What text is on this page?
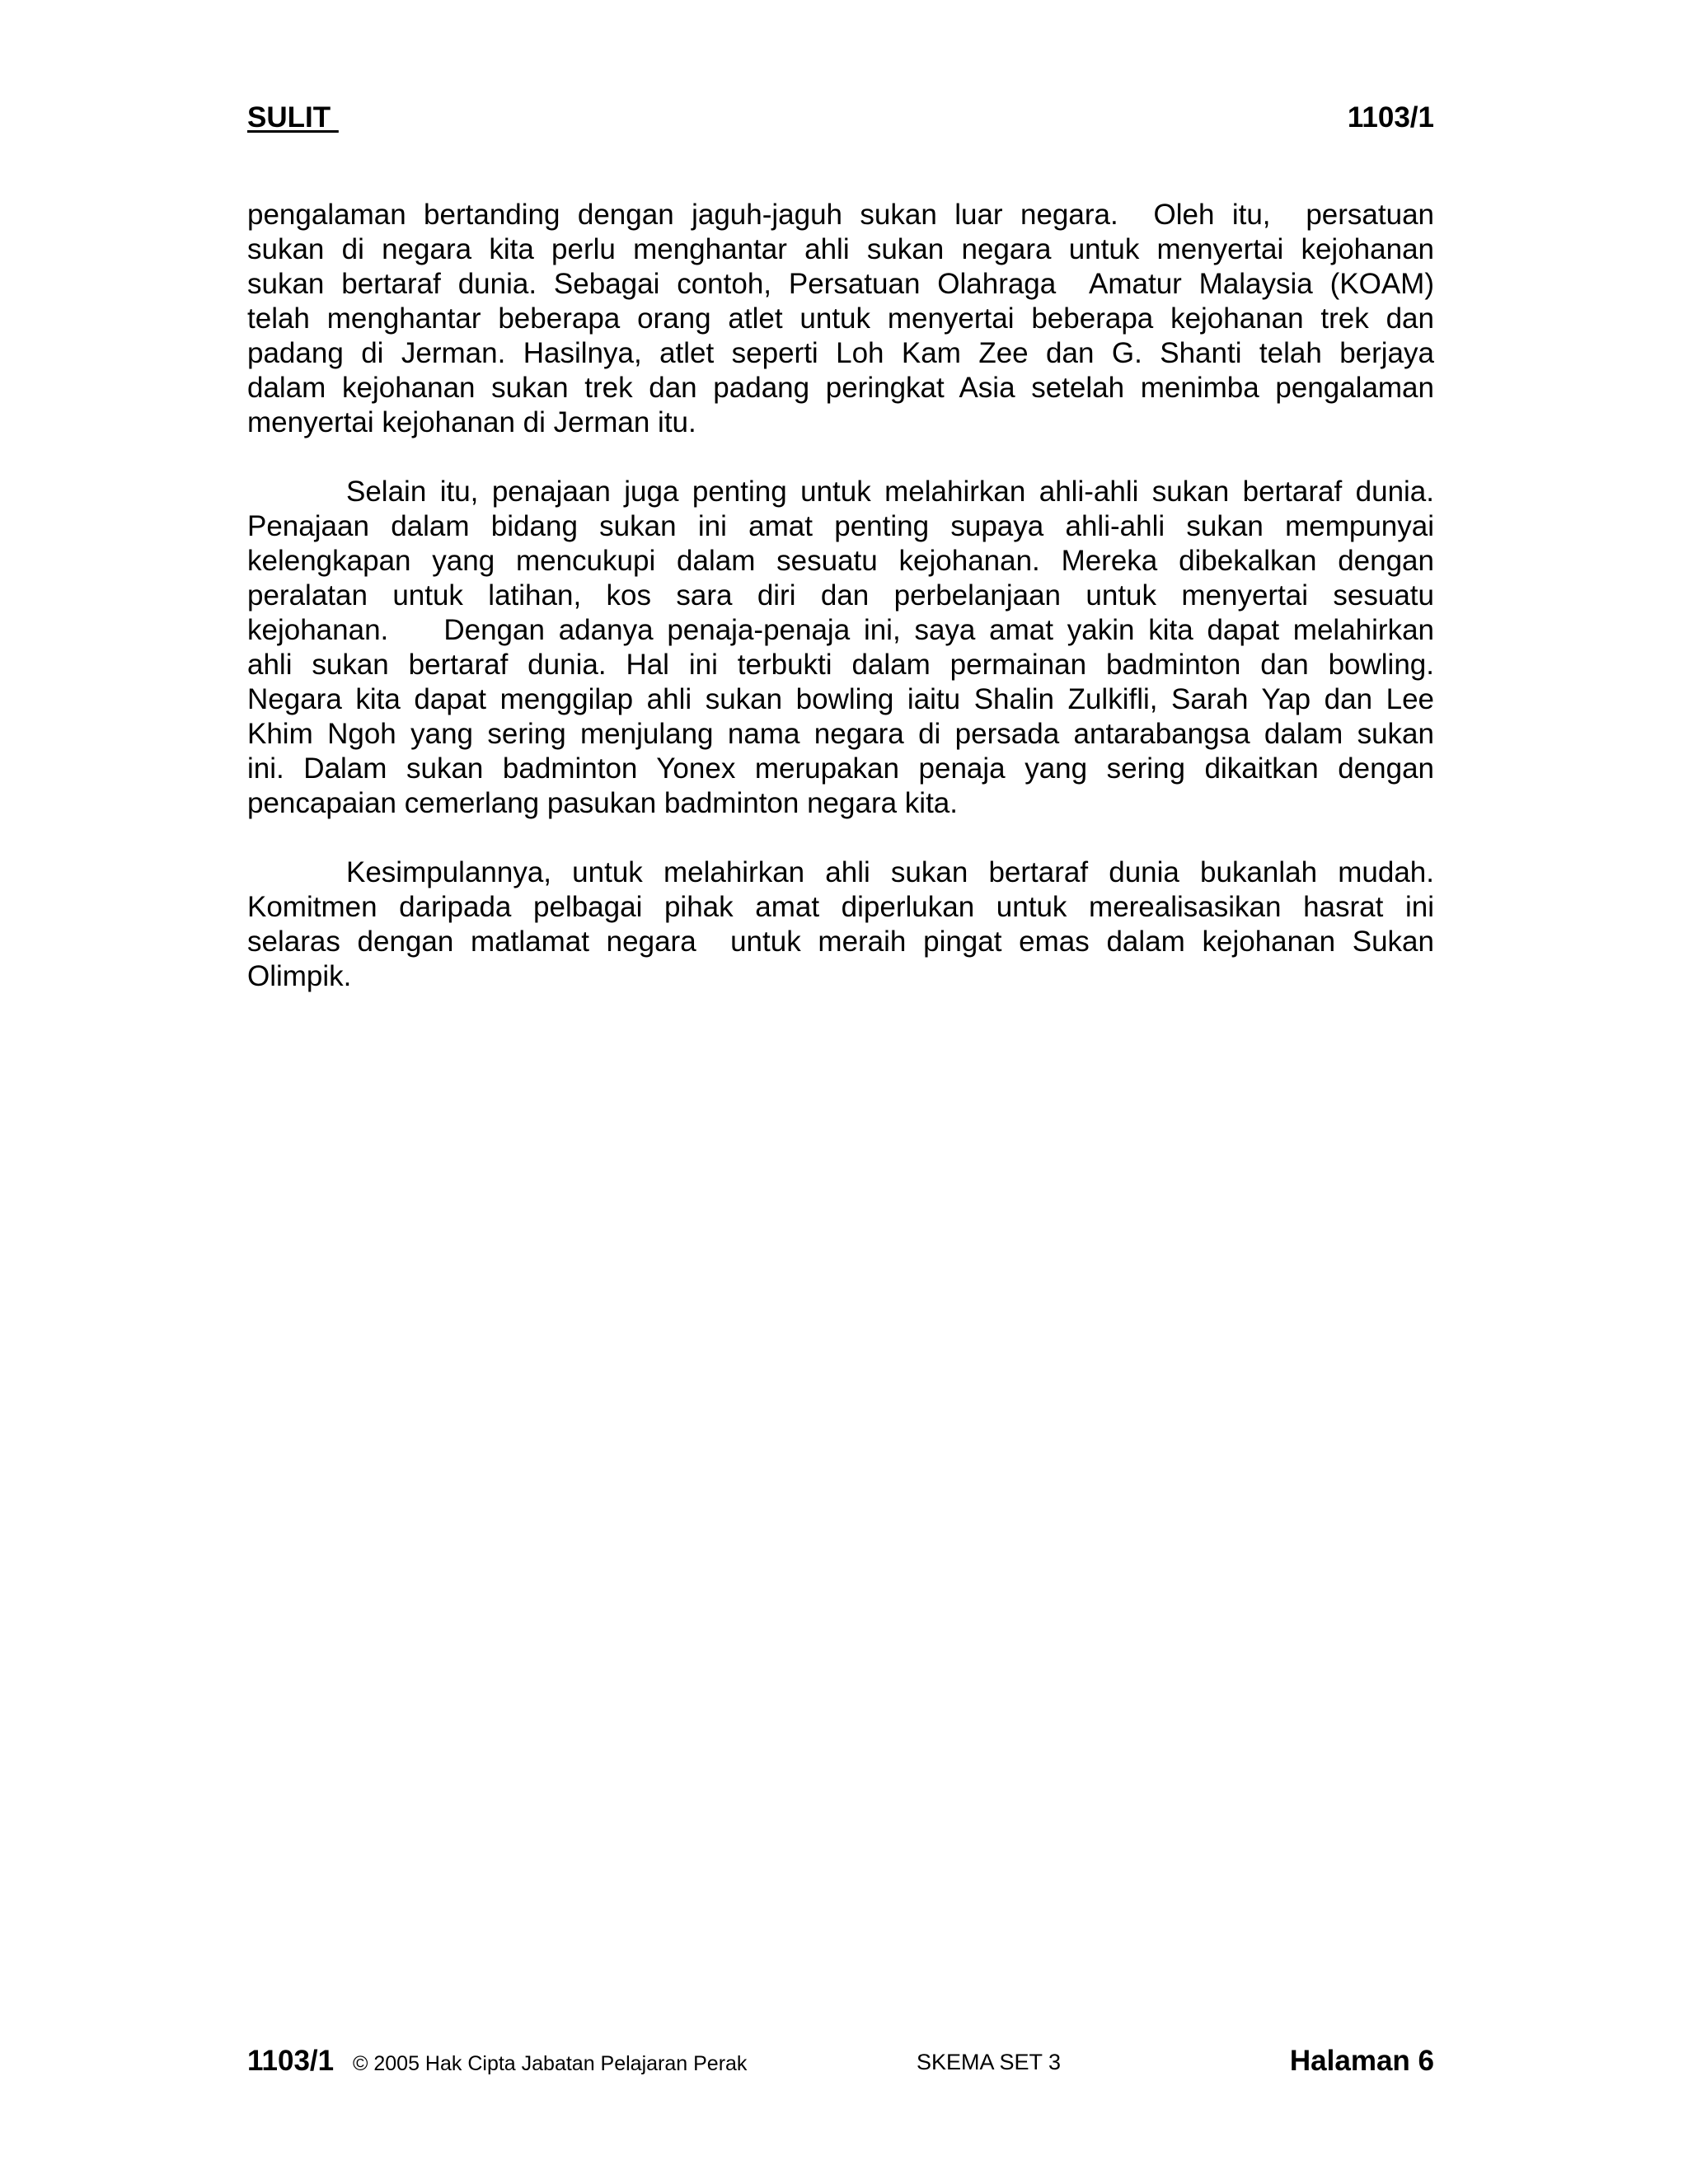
SULIT	1103/1

pengalaman bertanding dengan jaguh-jaguh sukan luar negara.  Oleh itu,  persatuan
sukan di negara kita perlu menghantar ahli sukan negara untuk menyertai kejohanan
sukan bertaraf dunia. Sebagai contoh, Persatuan Olahraga  Amatur Malaysia (KOAM)
telah menghantar beberapa orang atlet untuk menyertai beberapa kejohanan trek dan
padang di Jerman. Hasilnya, atlet seperti Loh Kam Zee dan G. Shanti telah berjaya
dalam kejohanan sukan trek dan padang peringkat Asia setelah menimba pengalaman
menyertai kejohanan di Jerman itu.

Selain itu, penajaan juga penting untuk melahirkan ahli-ahli sukan bertaraf dunia.
Penajaan dalam bidang sukan ini amat penting supaya ahli-ahli sukan mempunyai
kelengkapan yang mencukupi dalam sesuatu kejohanan. Mereka dibekalkan dengan
peralatan untuk latihan, kos sara diri dan perbelanjaan untuk menyertai sesuatu
kejohanan.    Dengan adanya penaja-penaja ini, saya amat yakin kita dapat melahirkan
ahli sukan bertaraf dunia. Hal ini terbukti dalam permainan badminton dan bowling.
Negara kita dapat menggilap ahli sukan bowling iaitu Shalin Zulkifli, Sarah Yap dan Lee
Khim Ngoh yang sering menjulang nama negara di persada antarabangsa dalam sukan
ini. Dalam sukan badminton Yonex merupakan penaja yang sering dikaitkan dengan
pencapaian cemerlang pasukan badminton negara kita.

Kesimpulannya, untuk melahirkan ahli sukan bertaraf dunia bukanlah mudah.
Komitmen daripada pelbagai pihak amat diperlukan untuk merealisasikan hasrat ini
selaras dengan matlamat negara  untuk meraih pingat emas dalam kejohanan Sukan
Olimpik.

1103/1 © 2005 Hak Cipta Jabatan Pelajaran Perak	SKEMA SET 3	Halaman 6
